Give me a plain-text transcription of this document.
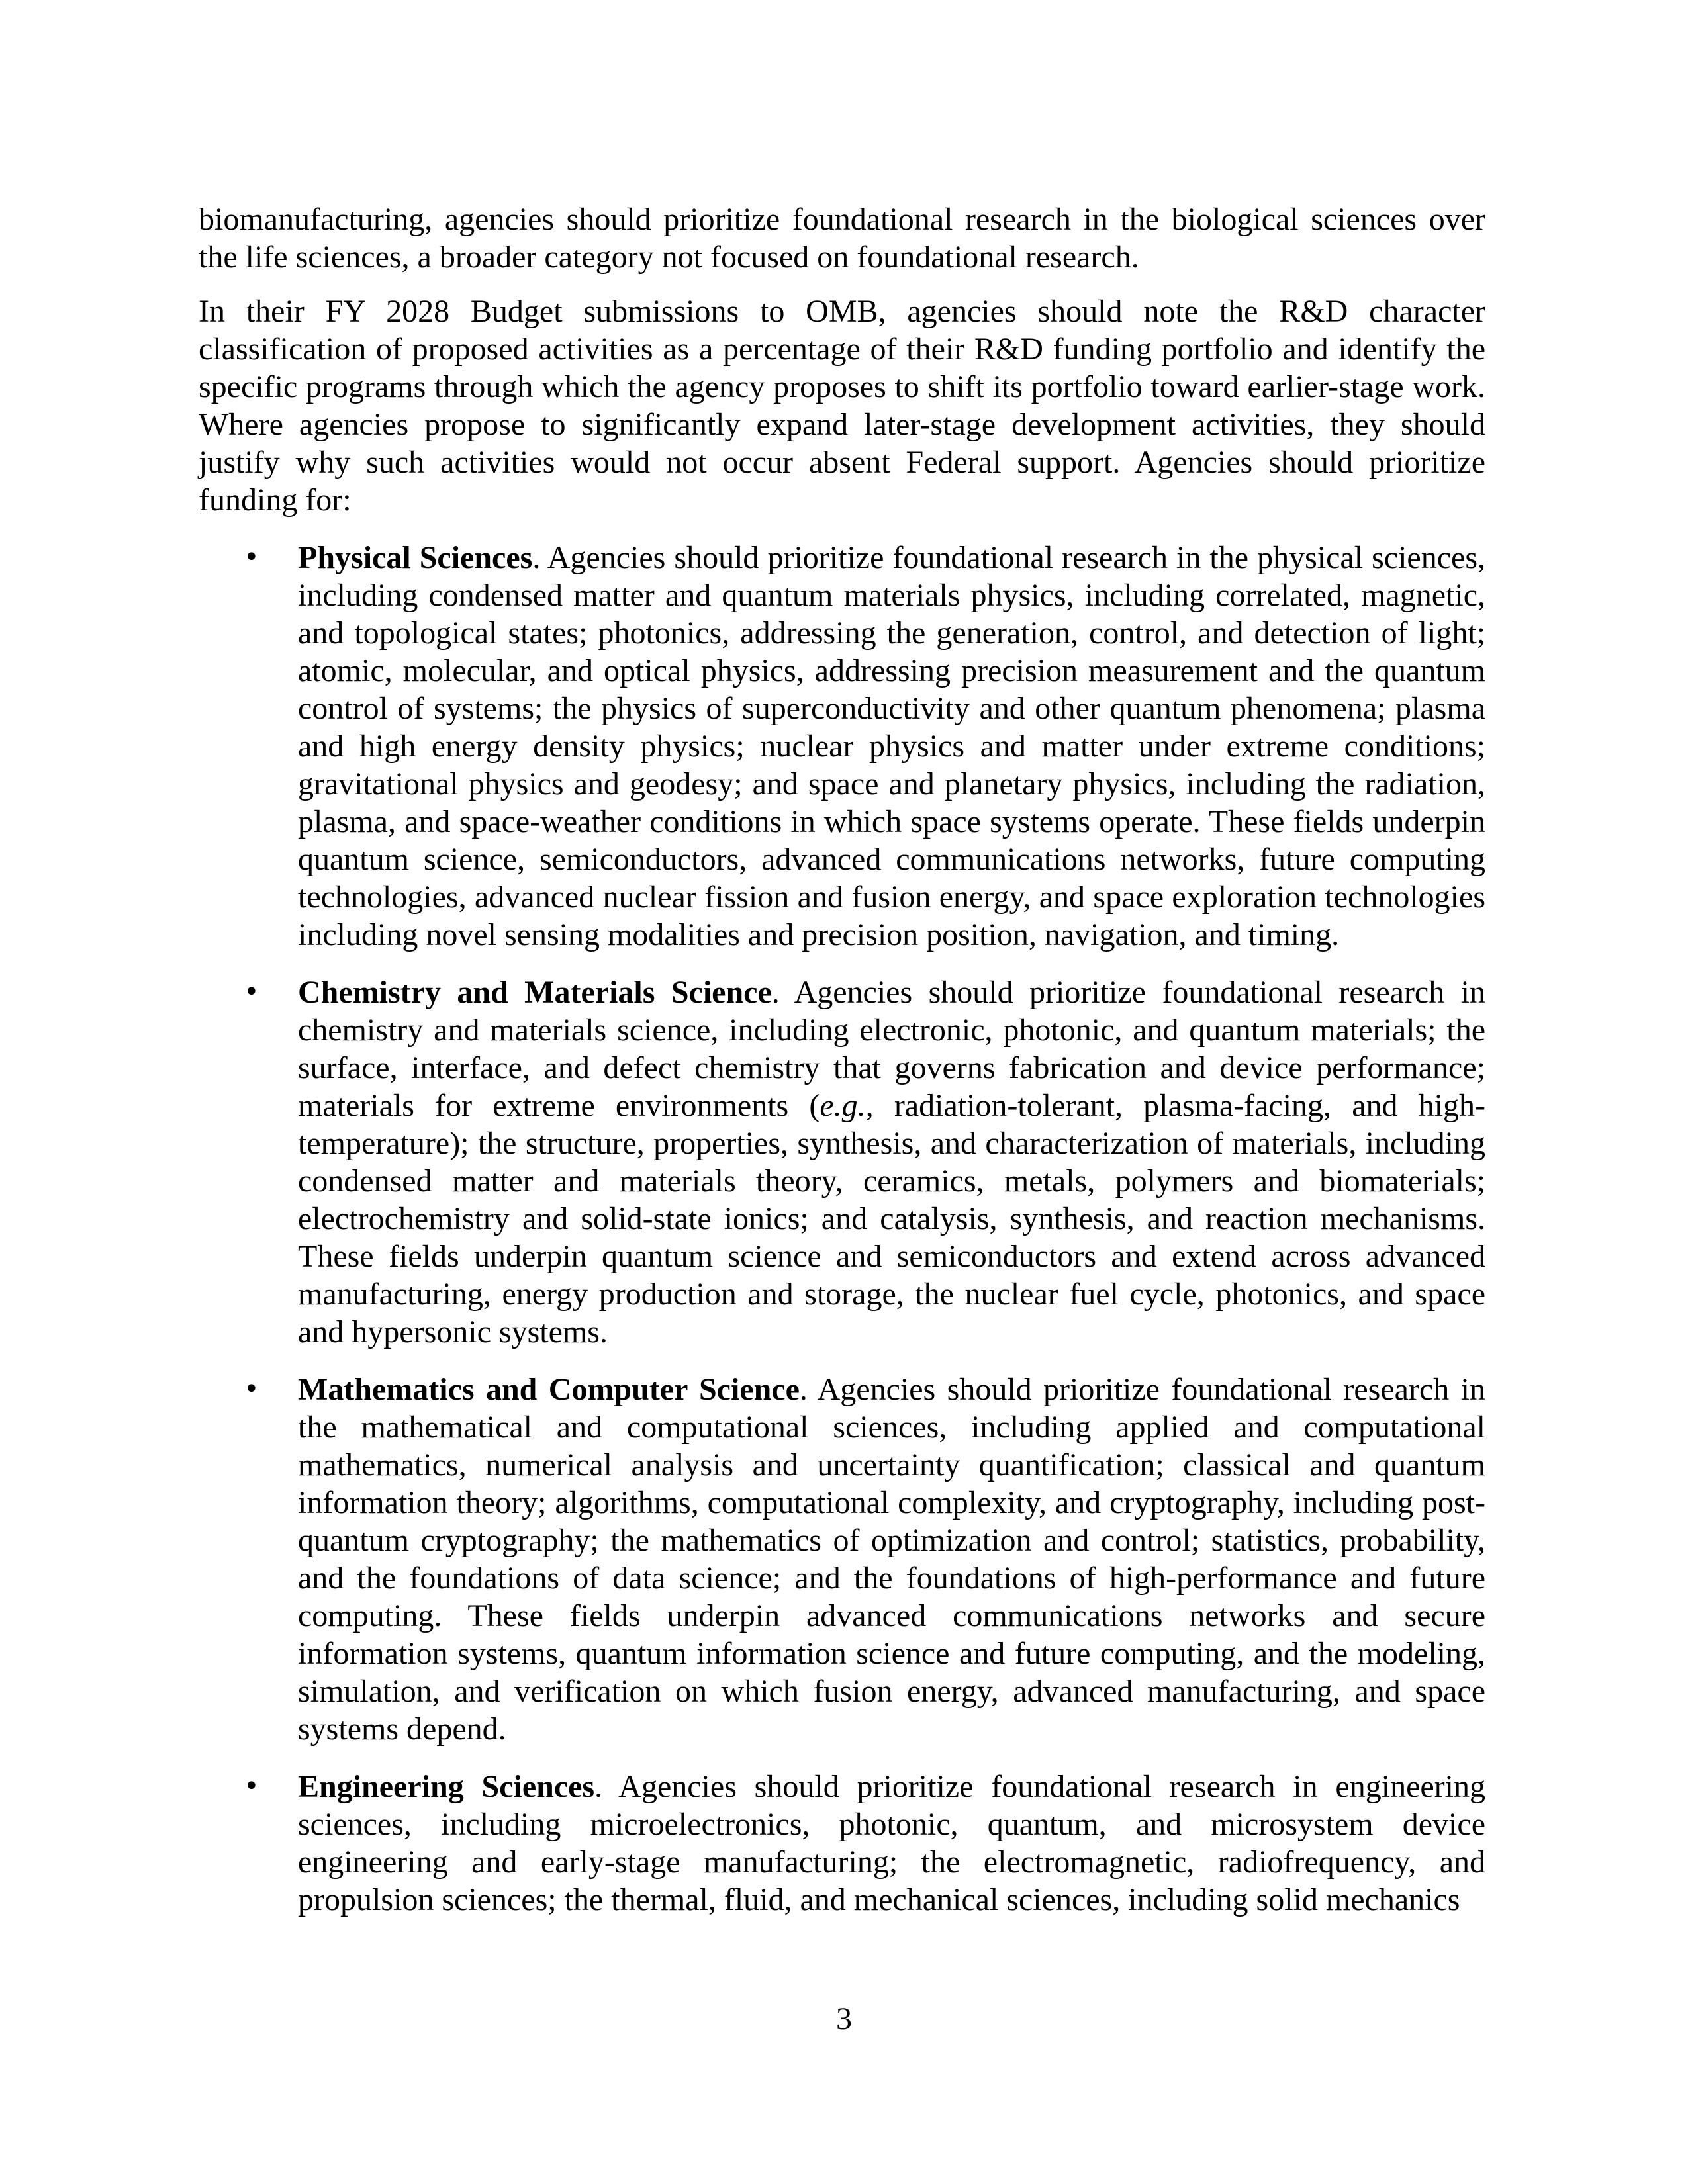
biomanufacturing, agencies should prioritize foundational research in the biological sciences over the life sciences, a broader category not focused on foundational research.

In their FY 2028 Budget submissions to OMB, agencies should note the R&D character classification of proposed activities as a percentage of their R&D funding portfolio and identify the specific programs through which the agency proposes to shift its portfolio toward earlier-stage work. Where agencies propose to significantly expand later-stage development activities, they should justify why such activities would not occur absent Federal support. Agencies should prioritize funding for:

• Physical Sciences. Agencies should prioritize foundational research in the physical sciences, including condensed matter and quantum materials physics, including correlated, magnetic, and topological states; photonics, addressing the generation, control, and detection of light; atomic, molecular, and optical physics, addressing precision measurement and the quantum control of systems; the physics of superconductivity and other quantum phenomena; plasma and high energy density physics; nuclear physics and matter under extreme conditions; gravitational physics and geodesy; and space and planetary physics, including the radiation, plasma, and space-weather conditions in which space systems operate. These fields underpin quantum science, semiconductors, advanced communications networks, future computing technologies, advanced nuclear fission and fusion energy, and space exploration technologies including novel sensing modalities and precision position, navigation, and timing.
• Chemistry and Materials Science. Agencies should prioritize foundational research in chemistry and materials science, including electronic, photonic, and quantum materials; the surface, interface, and defect chemistry that governs fabrication and device performance; materials for extreme environments (e.g., radiation-tolerant, plasma-facing, and high-temperature); the structure, properties, synthesis, and characterization of materials, including condensed matter and materials theory, ceramics, metals, polymers and biomaterials; electrochemistry and solid-state ionics; and catalysis, synthesis, and reaction mechanisms. These fields underpin quantum science and semiconductors and extend across advanced manufacturing, energy production and storage, the nuclear fuel cycle, photonics, and space and hypersonic systems.
• Mathematics and Computer Science. Agencies should prioritize foundational research in the mathematical and computational sciences, including applied and computational mathematics, numerical analysis and uncertainty quantification; classical and quantum information theory; algorithms, computational complexity, and cryptography, including post-quantum cryptography; the mathematics of optimization and control; statistics, probability, and the foundations of data science; and the foundations of high-performance and future computing. These fields underpin advanced communications networks and secure information systems, quantum information science and future computing, and the modeling, simulation, and verification on which fusion energy, advanced manufacturing, and space systems depend.
• Engineering Sciences. Agencies should prioritize foundational research in engineering sciences, including microelectronics, photonic, quantum, and microsystem device engineering and early-stage manufacturing; the electromagnetic, radiofrequency, and propulsion sciences; the thermal, fluid, and mechanical sciences, including solid mechanics
3
